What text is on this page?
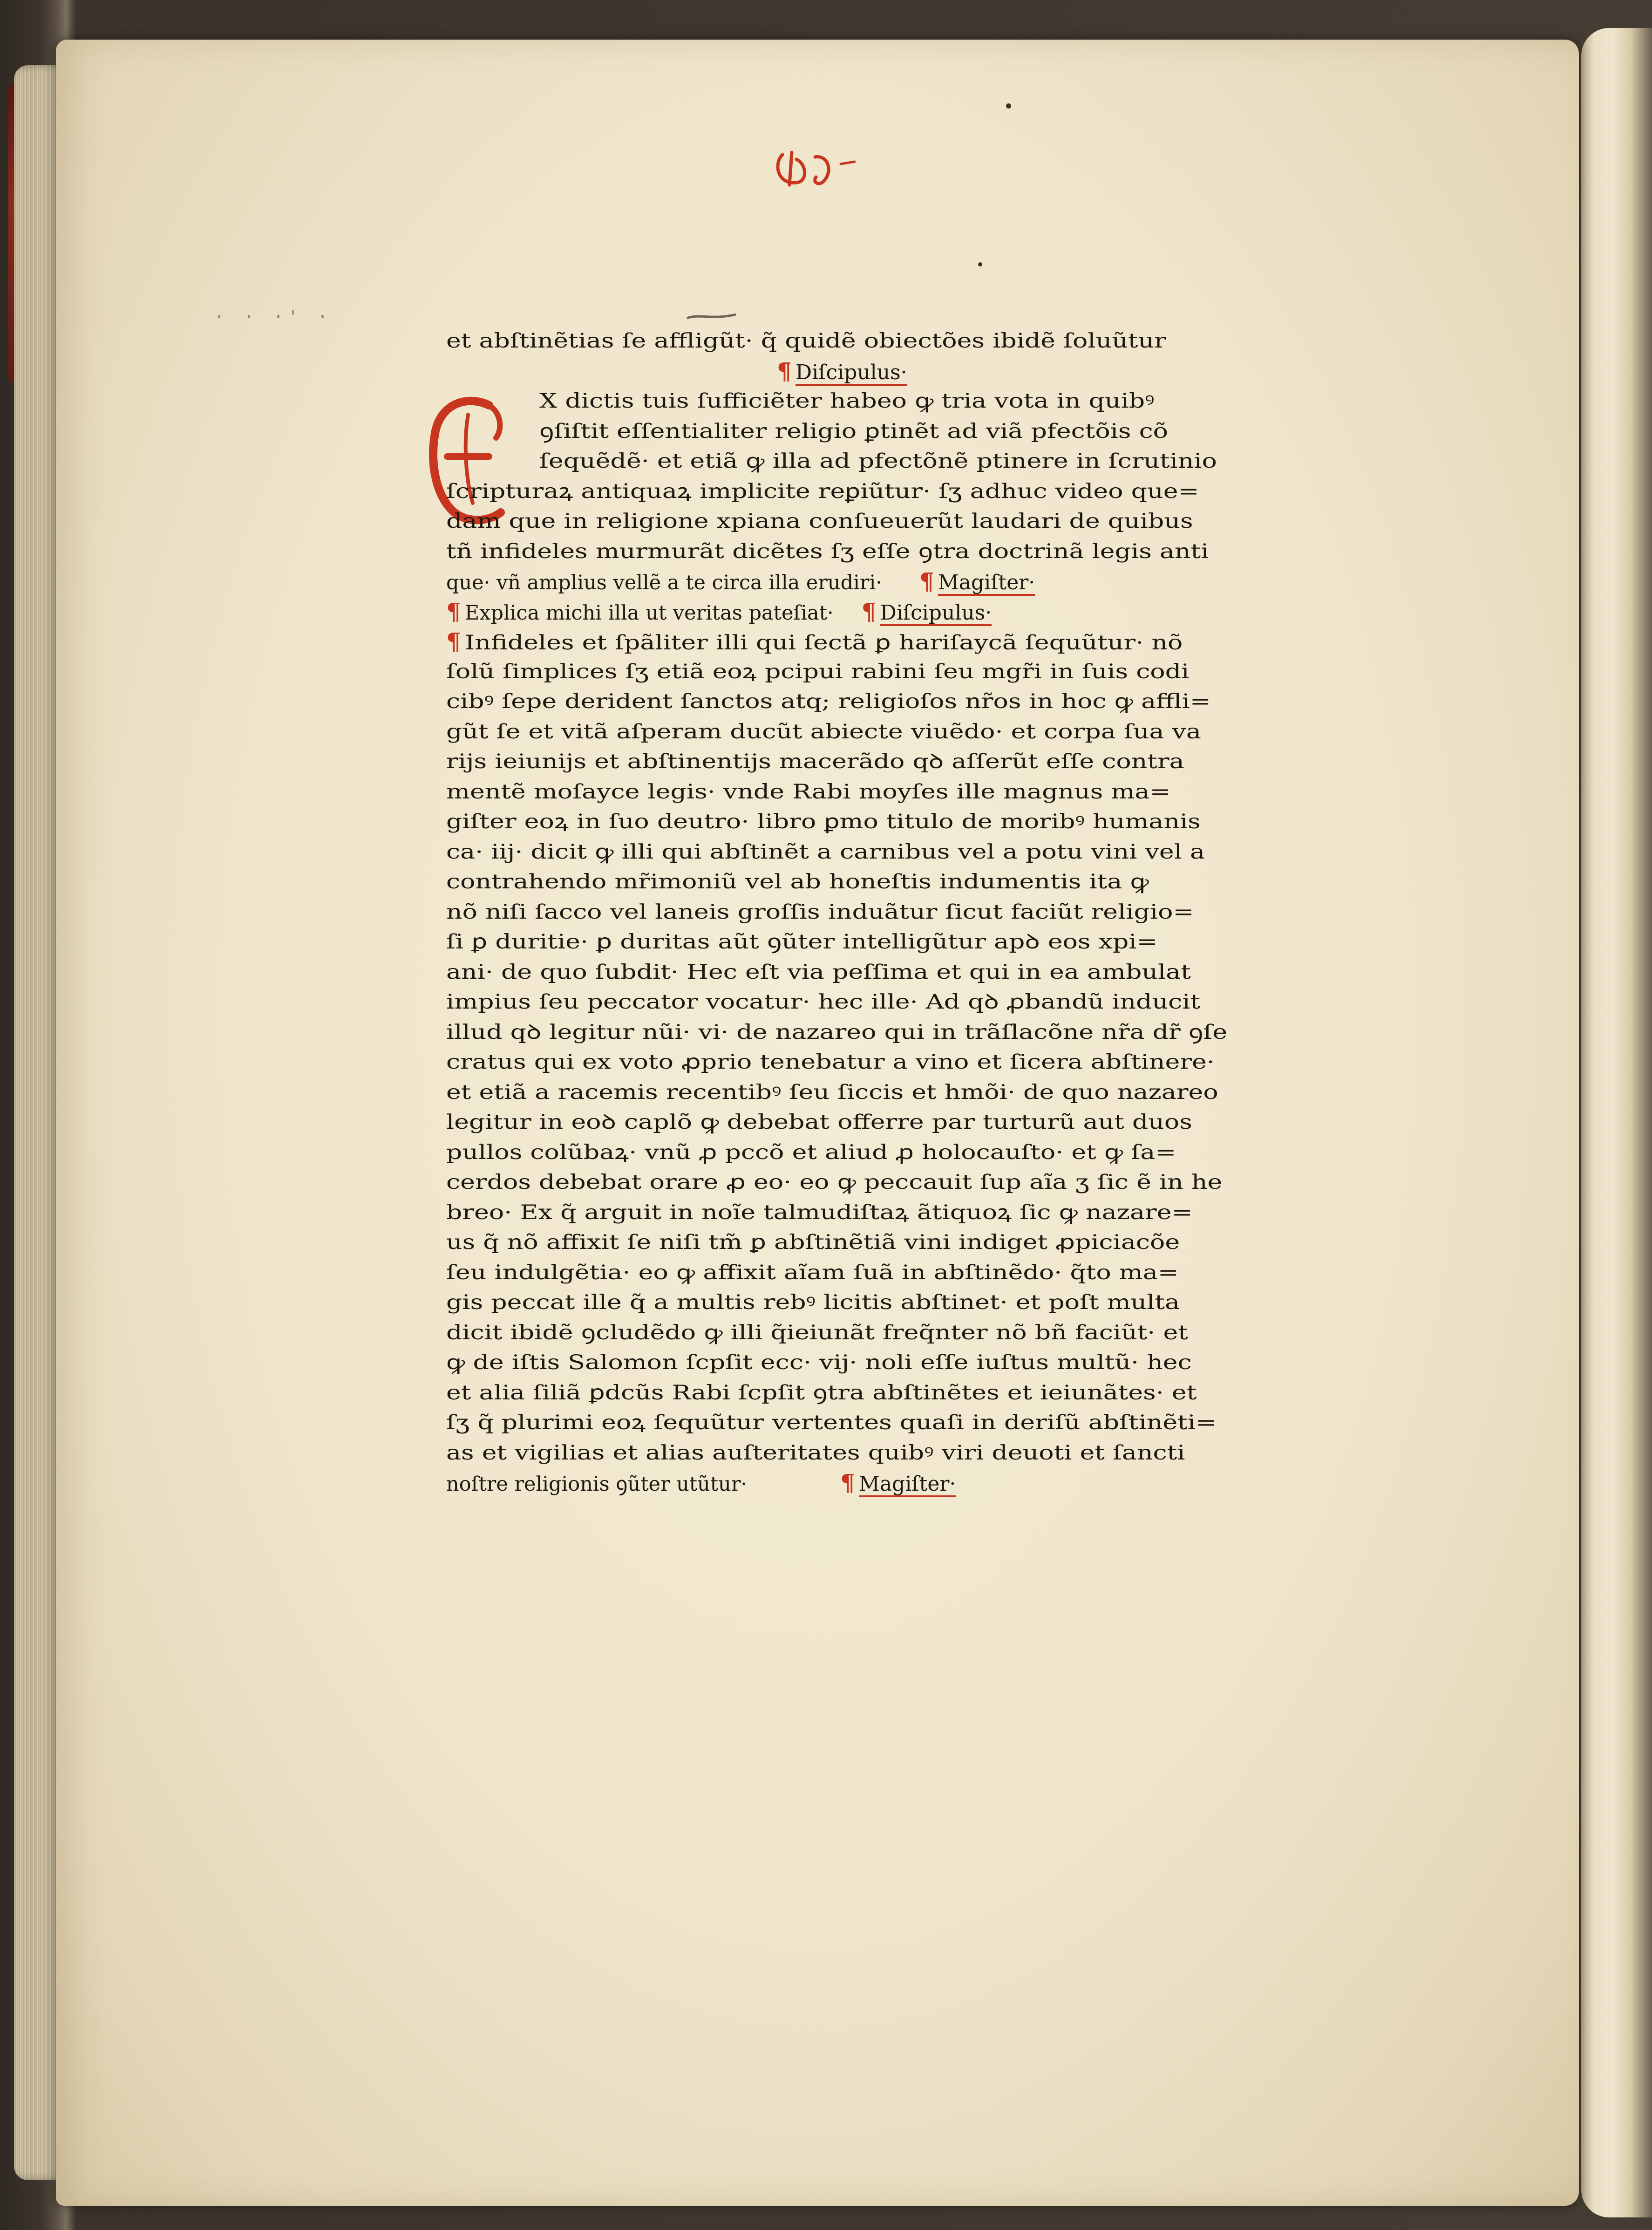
· · ·' ·
et abſtinẽtias ſe affligũt· q̃ quidẽ obiectões ibidẽ ſoluũtur
¶ Diſcipulus·
X dictis tuis ſufficiẽter habeo ꝙ tria vota in quibꝰ
ꝯſiſtit eſſentialiter religio ꝑtinẽt ad viã pfectõis cõ
ſequẽdẽ· et etiã ꝙ illa ad pfectõnẽ ptinere in ſcrutinio
ſcripturaꝝ antiquaꝝ implicite reꝑiũtur· ſʒ adhuc video que=
dam que in religione xpiana conſueuerũt laudari de quibus
tñ infideles murmurãt dicẽtes ſʒ eſſe ꝯtra doctrinã legis anti
que· vñ amplius vellẽ a te circa illa erudiri· ¶ Magiſter·
¶ Explica michi illa ut veritas pateſiat· ¶ Diſcipulus·
¶ Infideles et ſpãliter illi qui ſectã ꝑ hariſaycã ſequũtur· nõ
ſolũ ſimplices ſʒ etiã eoꝝ pcipui rabini ſeu mgr̃i in ſuis codi
cibꝰ ſepe derident ſanctos atq; religioſos nr̃os in hoc ꝙ affli=
gũt ſe et vitã aſperam ducũt abiecte viuẽdo· et corpa ſua va
rijs ieiunijs et abſtinentijs macerãdo qꝺ aſſerũt eſſe contra
mentẽ moſayce legis· vnde Rabi moyſes ille magnus ma=
giſter eoꝝ in ſuo deutro· libro ꝑmo titulo de moribꝰ humanis
ca· iij· dicit ꝙ illi qui abſtinẽt a carnibus vel a potu vini vel a
contrahendo mr̃imoniũ vel ab honeſtis indumentis ita ꝙ
nõ niſi ſacco vel laneis groſſis induãtur ſicut faciũt religio=
ſi ꝑ duritie· ꝑ duritas aũt ꝯũter intelligũtur apꝺ eos xpi=
ani· de quo ſubdit· Hec eſt via peſſima et qui in ea ambulat
impius ſeu peccator vocatur· hec ille· Ad qꝺ ꝓbandũ inducit
illud qꝺ legitur nũi· vi· de nazareo qui in trãſlacõne nr̃a dr̃ ꝯſe
cratus qui ex voto ꝓprio tenebatur a vino et ſicera abſtinere·
et etiã a racemis recentibꝰ ſeu ſiccis et hmõi· de quo nazareo
legitur in eoꝺ caplõ ꝙ debebat offerre par turturũ aut duos
pullos colũbaꝝ· vnũ ꝓ pccõ et aliud ꝓ holocauſto· et ꝙ ſa=
cerdos debebat orare ꝓ eo· eo ꝙ peccauit ſup aĩa ʒ ſic ẽ in he
breo· Ex q̃ arguit in noĩe talmudiſtaꝝ ãtiquoꝝ ſic ꝙ nazare=
us q̃ nõ affixit ſe niſi tm̃ ꝑ abſtinẽtiã vini indiget ꝓpiciacõe
ſeu indulgẽtia· eo ꝙ affixit aĩam ſuã in abſtinẽdo· q̃to ma=
gis peccat ille q̃ a multis rebꝰ licitis abſtinet· et poſt multa
dicit ibidẽ ꝯcludẽdo ꝙ illi q̃ieiunãt freq̃nter nõ bñ faciũt· et
ꝙ de iſtis Salomon ſcpſit ecc· vij· noli eſſe iuſtus multũ· hec
et alia ſiliã ꝑdcũs Rabi ſcpſit ꝯtra abſtinẽtes et ieiunãtes· et
ſʒ q̃ plurimi eoꝝ ſequũtur vertentes quaſi in deriſũ abſtinẽti=
as et vigilias et alias auſteritates quibꝰ viri deuoti et ſancti
noſtre religionis ꝯũter utũtur·	¶ Magiſter·
